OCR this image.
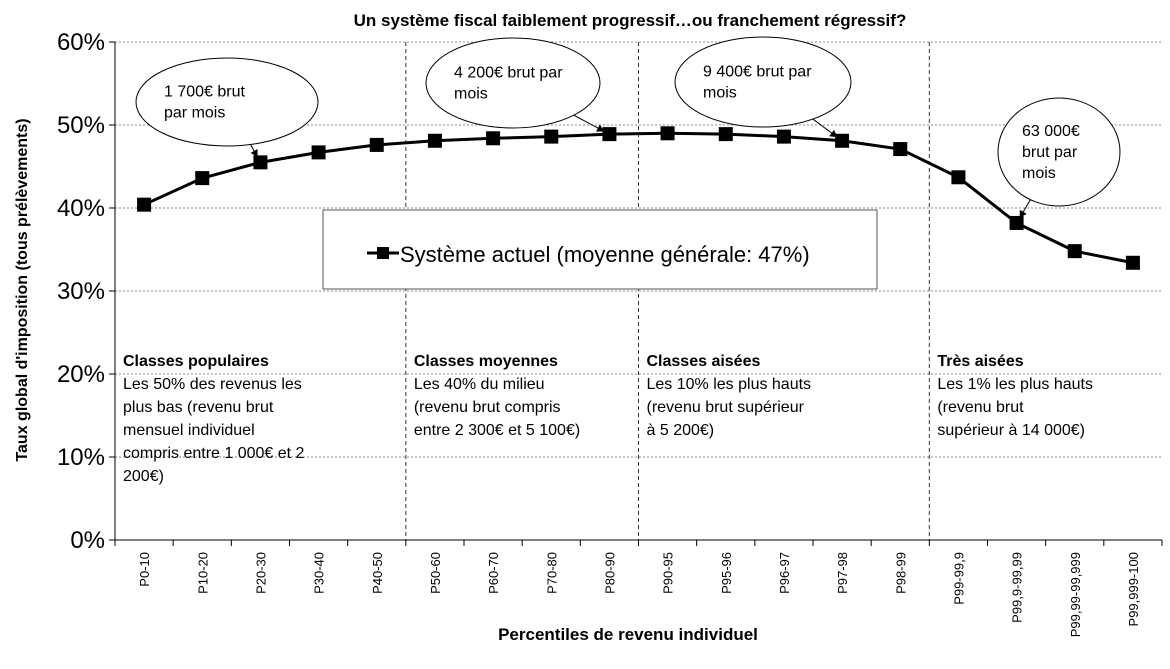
Un système fiscal faiblement progressif…ou franchement régressif?
0%
10%
20%
30%
40%
50%
60%
P0-10	P10-20	P20-30	P30-40	P40-50	P50-60	P60-70	P70-80	P80-90	P90-95	P95-96	P96-97	P97-98	P98-99	P99-99,9	P99,9-99,99	P99,99-99,999	P99,999-100
Classes populaires
Les 50% des revenus les
plus bas (revenu brut
mensuel individuel
compris entre 1 000€ et 2
200€)
Classes moyennes
Les 40% du milieu
(revenu brut compris
entre 2 300€ et 5 100€)
Classes aisées
Les 10% les plus hauts
(revenu brut supérieur
à 5 200€)
Très aisées
Les 1% les plus hauts
(revenu brut
supérieur à 14 000€)
1 700€ brut
par mois
4 200€ brut par
mois
9 400€ brut par
mois
63 000€
brut par
mois
Système actuel (moyenne générale: 47%)
Percentiles de revenu individuel
Taux global d'imposition (tous prélèvements)
